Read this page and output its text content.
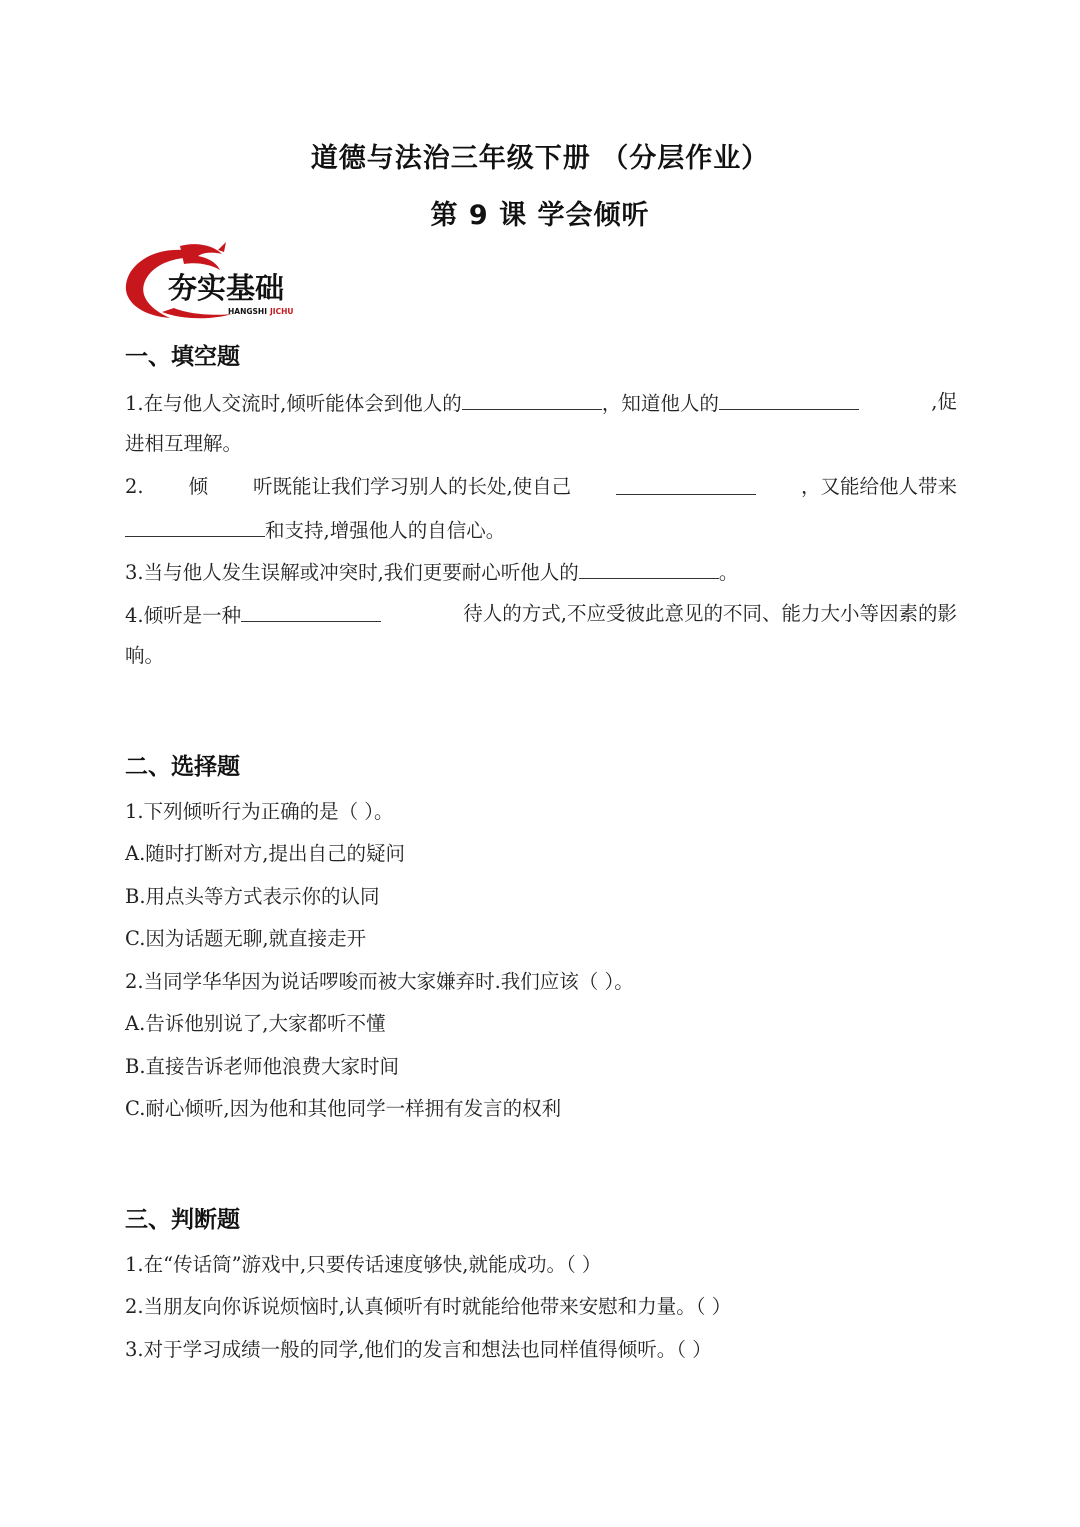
道德与法治三年级下册 （分层作业）
第 9 课 学会倾听
夯实基础
HANGSHI JICHU
一、填空题
1.在与他人交流时,倾听能体会到他人的	，知道他人的	,促
进相互理解。
2. 倾 听既能让我们学习别人的长处,使自己	，又能给他人带来
和支持,增强他人的自信心。
3.当与他人发生误解或冲突时,我们更要耐心听他人的	。
4.倾听是一种	待人的方式,不应受彼此意见的不同、能力大小等因素的影
响。
二、选择题
1.下列倾听行为正确的是（ ）。
A.随时打断对方,提出自己的疑问
B.用点头等方式表示你的认同
C.因为话题无聊,就直接走开
2.当同学华华因为说话啰唆而被大家嫌弃时.我们应该（ ）。
A.告诉他别说了,大家都听不懂
B.直接告诉老师他浪费大家时间
C.耐心倾听,因为他和其他同学一样拥有发言的权利
三、判断题
1.在“传话筒”游戏中,只要传话速度够快,就能成功。（ ）
2.当朋友向你诉说烦恼时,认真倾听有时就能给他带来安慰和力量。（ ）
3.对于学习成绩一般的同学,他们的发言和想法也同样值得倾听。（ ）
